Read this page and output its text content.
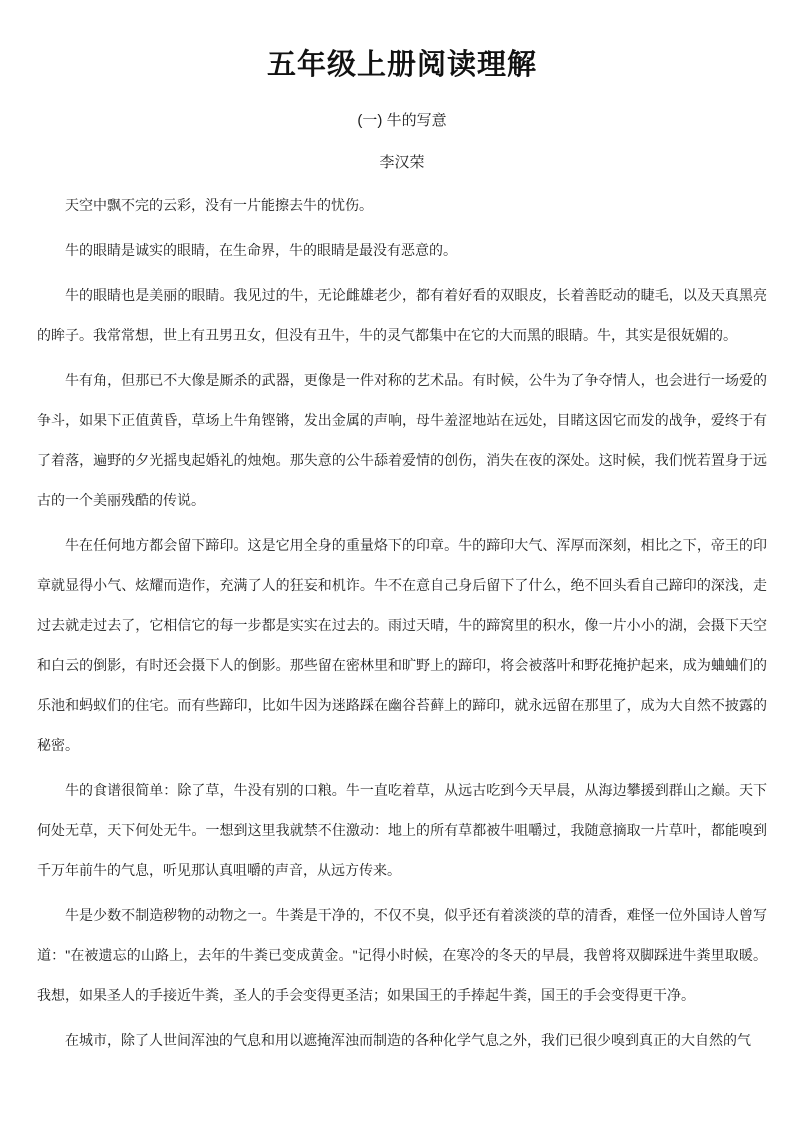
五年级上册阅读理解
(一) 牛的写意
李汉荣

天空中飘不完的云彩，没有一片能擦去牛的忧伤。

牛的眼睛是诚实的眼睛，在生命界，牛的眼睛是最没有恶意的。

牛的眼睛也是美丽的眼睛。我见过的牛，无论雌雄老少，都有着好看的双眼皮，长着善眨动的睫毛，以及天真黑亮的眸子。我常常想，世上有丑男丑女，但没有丑牛，牛的灵气都集中在它的大而黑的眼睛。牛，其实是很妩媚的。

牛有角，但那已不大像是厮杀的武器，更像是一件对称的艺术品。有时候，公牛为了争夺情人，也会进行一场爱的争斗，如果下正值黄昏，草场上牛角铿锵，发出金属的声响，母牛羞涩地站在远处，目睹这因它而发的战争，爱终于有了着落，遍野的夕光摇曳起婚礼的烛炮。那失意的公牛舔着爱情的创伤，消失在夜的深处。这时候，我们恍若置身于远古的一个美丽残酷的传说。

牛在任何地方都会留下蹄印。这是它用全身的重量烙下的印章。牛的蹄印大气、浑厚而深刻，相比之下，帝王的印章就显得小气、炫耀而造作，充满了人的狂妄和机诈。牛不在意自己身后留下了什么，绝不回头看自己蹄印的深浅，走过去就走过去了，它相信它的每一步都是实实在过去的。雨过天晴，牛的蹄窝里的积水，像一片小小的湖，会摄下天空和白云的倒影，有时还会摄下人的倒影。那些留在密林里和旷野上的蹄印，将会被落叶和野花掩护起来，成为蛐蛐们的乐池和蚂蚁们的住宅。而有些蹄印，比如牛因为迷路踩在幽谷苔藓上的蹄印，就永远留在那里了，成为大自然不披露的秘密。

牛的食谱很简单：除了草，牛没有别的口粮。牛一直吃着草，从远古吃到今天早晨，从海边攀援到群山之巅。天下何处无草，天下何处无牛。一想到这里我就禁不住激动：地上的所有草都被牛咀嚼过，我随意摘取一片草叶，都能嗅到千万年前牛的气息，听见那认真咀嚼的声音，从远方传来。

牛是少数不制造秽物的动物之一。牛粪是干净的，不仅不臭，似乎还有着淡淡的草的清香，难怪一位外国诗人曾写道："在被遗忘的山路上，去年的牛粪已变成黄金。"记得小时候，在寒冷的冬天的早晨，我曾将双脚踩进牛粪里取暖。我想，如果圣人的手接近牛粪，圣人的手会变得更圣洁；如果国王的手捧起牛粪，国王的手会变得更干净。

在城市，除了人世间浑浊的气息和用以遮掩浑浊而制造的各种化学气息之外，我们已很少嗅到真正的大自然的气
